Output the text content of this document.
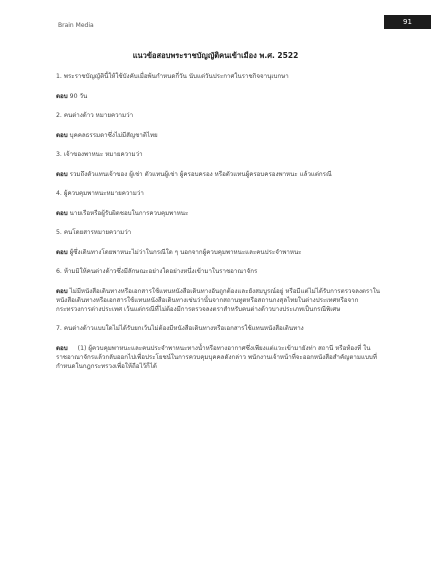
Brain Media	91
แนวข้อสอบพระราชบัญญัติคนเข้าเมือง พ.ศ. 2522

1. พระราชบัญญัตินี้ให้ใช้บังคับเมื่อพ้นกำหนดกี่วัน นับแต่วันประกาศในราชกิจจานุเบกษา

ตอบ 90 วัน

2. คนต่างด้าว หมายความว่า

ตอบ บุคคลธรรมดาซึ่งไม่มีสัญชาติไทย

3. เจ้าของพาหนะ หมายความว่า

ตอบ รวมถึงตัวแทนเจ้าของ ผู้เช่า ตัวแทนผู้เช่า ผู้ครอบครอง หรือตัวแทนผู้ครอบครองพาหนะ แล้วแต่กรณี

4. ผู้ควบคุมพาหนะหมายความว่า

ตอบ นายเรือหรือผู้รับผิดชอบในการควบคุมพาหนะ

5. คนโดยสารหมายความว่า

ตอบ ผู้ซึ่งเดินทางโดยพาหนะไม่ว่าในกรณีใด ๆ นอกจากผู้ควบคุมพาหนะและคนประจำพาหนะ

6. ห้ามมิให้คนต่างด้าวซึ่งมีลักษณะอย่างใดอย่างหนึ่งเข้ามาในราชอาณาจักร

ตอบ ไม่มีหนังสือเดินทางหรือเอกสารใช้แทนหนังสือเดินทางอันถูกต้องและยังสมบูรณ์อยู่ หรือมีแต่ไม่ได้รับการตรวจลงตราในหนังสือเดินทางหรือเอกสารใช้แทนหนังสือเดินทางเช่นว่านั้นจากสถานทูตหรือสถานกงสุลไทยในต่างประเทศหรือจากกระทรวงการต่างประเทศ เว้นแต่กรณีที่ไม่ต้องมีการตรวจลงตราสำหรับคนต่างด้าวบางประเภทเป็นกรณีพิเศษ

7. คนต่างด้าวแบบใดไม่ได้รับยกเว้นไม่ต้องมีหนังสือเดินทางหรือเอกสารใช้แทนหนังสือเดินทาง

ตอบ (1) ผู้ควบคุมพาหนะและคนประจำพาหนะทางน้ำหรือทางอากาศซึ่งเพียงแต่แวะเข้ามายังท่า สถานี หรือท้องที่ ในราชอาณาจักรแล้วกลับออกไปเพื่อประโยชน์ในการควบคุมบุคคลดังกล่าว พนักงานเจ้าหน้าที่จะออกหนังสือสำคัญตามแบบที่กำหนดในกฎกระทรวงเพื่อให้ถือไว้ก็ได้
